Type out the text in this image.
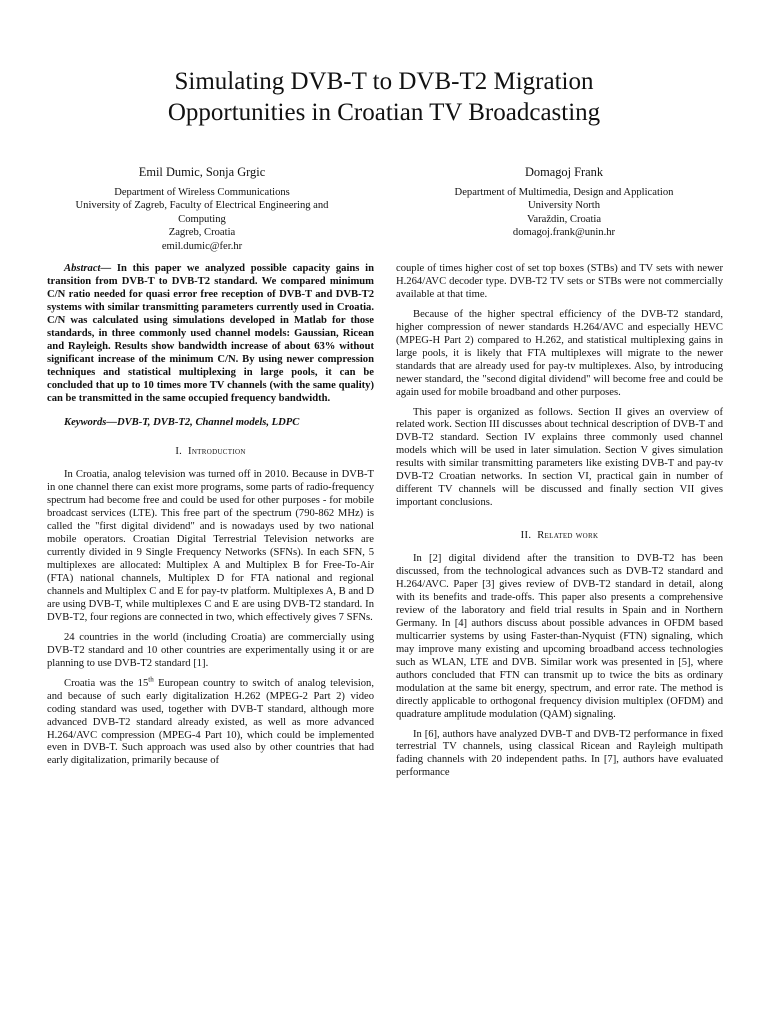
Simulating DVB-T to DVB-T2 Migration
Opportunities in Croatian TV Broadcasting
Emil Dumic, Sonja Grgic
Department of Wireless Communications
University of Zagreb, Faculty of Electrical Engineering and
Computing
Zagreb, Croatia
emil.dumic@fer.hr
Domagoj Frank
Department of Multimedia, Design and Application
University North
Varaždin, Croatia
domagoj.frank@unin.hr

Abstract— In this paper we analyzed possible capacity gains in transition from DVB-T to DVB-T2 standard. We compared minimum C/N ratio needed for quasi error free reception of DVB-T and DVB-T2 systems with similar transmitting parameters currently used in Croatia. C/N was calculated using simulations developed in Matlab for those standards, in three commonly used channel models: Gaussian, Ricean and Rayleigh. Results show bandwidth increase of about 63% without significant increase of the minimum C/N. By using newer compression techniques and statistical multiplexing in large pools, it can be concluded that up to 10 times more TV channels (with the same quality) can be transmitted in the same occupied frequency bandwidth.

Keywords—DVB-T, DVB-T2, Channel models, LDPC

I. Introduction

In Croatia, analog television was turned off in 2010. Because in DVB-T in one channel there can exist more programs, some parts of radio-frequency spectrum had become free and could be used for other purposes - for mobile broadcast services (LTE). This free part of the spectrum (790-862 MHz) is called the "first digital dividend" and is nowadays used by two national mobile operators. Croatian Digital Terrestrial Television networks are currently divided in 9 Single Frequency Networks (SFNs). In each SFN, 5 multiplexes are allocated: Multiplex A and Multiplex B for Free-To-Air (FTA) national channels, Multiplex D for FTA national and regional channels and Multiplex C and E for pay-tv platform. Multiplexes A, B and D are using DVB-T, while multiplexes C and E are using DVB-T2 standard. In DVB-T2, four regions are connected in two, which effectively gives 7 SFNs.

24 countries in the world (including Croatia) are commercially using DVB-T2 standard and 10 other countries are experimentally using it or are planning to use DVB-T2 standard [1].

Croatia was the 15th European country to switch of analog television, and because of such early digitalization H.262 (MPEG-2 Part 2) video coding standard was used, together with DVB-T standard, although more advanced DVB-T2 standard already existed, as well as more advanced H.264/AVC compression (MPEG-4 Part 10), which could be implemented even in DVB-T. Such approach was used also by other countries that had early digitalization, primarily because of

couple of times higher cost of set top boxes (STBs) and TV sets with newer H.264/AVC decoder type. DVB-T2 TV sets or STBs were not commercially available at that time.

Because of the higher spectral efficiency of the DVB-T2 standard, higher compression of newer standards H.264/AVC and especially HEVC (MPEG-H Part 2) compared to H.262, and statistical multiplexing gains in large pools, it is likely that FTA multiplexes will migrate to the newer standards that are already used for pay-tv multiplexes. Also, by introducing newer standard, the "second digital dividend" will become free and could be again used for mobile broadband and other purposes.

This paper is organized as follows. Section II gives an overview of related work. Section III discusses about technical description of DVB-T and DVB-T2 standard. Section IV explains three commonly used channel models which will be used in later simulation. Section V gives simulation results with similar transmitting parameters like existing DVB-T and pay-tv DVB-T2 Croatian networks. In section VI, practical gain in number of different TV channels will be discussed and finally section VII gives important conclusions.

II. Related work

In [2] digital dividend after the transition to DVB-T2 has been discussed, from the technological advances such as DVB-T2 standard and H.264/AVC. Paper [3] gives review of DVB-T2 standard in detail, along with its benefits and trade-offs. This paper also presents a comprehensive review of the laboratory and field trial results in Spain and in Northern Germany. In [4] authors discuss about possible advances in OFDM based multicarrier systems by using Faster-than-Nyquist (FTN) signaling, which may improve many existing and upcoming broadband access technologies such as WLAN, LTE and DVB. Similar work was presented in [5], where authors concluded that FTN can transmit up to twice the bits as ordinary modulation at the same bit energy, spectrum, and error rate. The method is directly applicable to orthogonal frequency division multiplex (OFDM) and quadrature amplitude modulation (QAM) signaling.

In [6], authors have analyzed DVB-T and DVB-T2 performance in fixed terrestrial TV channels, using classical Ricean and Rayleigh multipath fading channels with 20 independent paths. In [7], authors have evaluated performance
